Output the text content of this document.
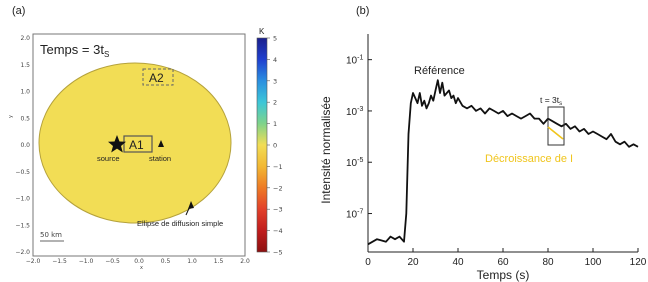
(a)
−2.0 −1.5 −1.0 −0.5 0.0	0.5	1.0	1.5	2.0
2.0
1.5
1.0
0.5
0.0
−0.5
−1.0
−1.5
−2.0
y
x
Temps = $3t_S$
A2
A1
source	station
50 km
Ellipse de diffusion simple
K
5
4
3
2
1
0
−1
−2
−3
−4
−5
(b)
0	20	40	60	80	100	120
$10^{-1}$
$10^{-3}$
$10^{-5}$
$10^{-7}$
Intensité normalisée
Temps (s)
Référence
$t = 3t_s$
Décroissance de I
